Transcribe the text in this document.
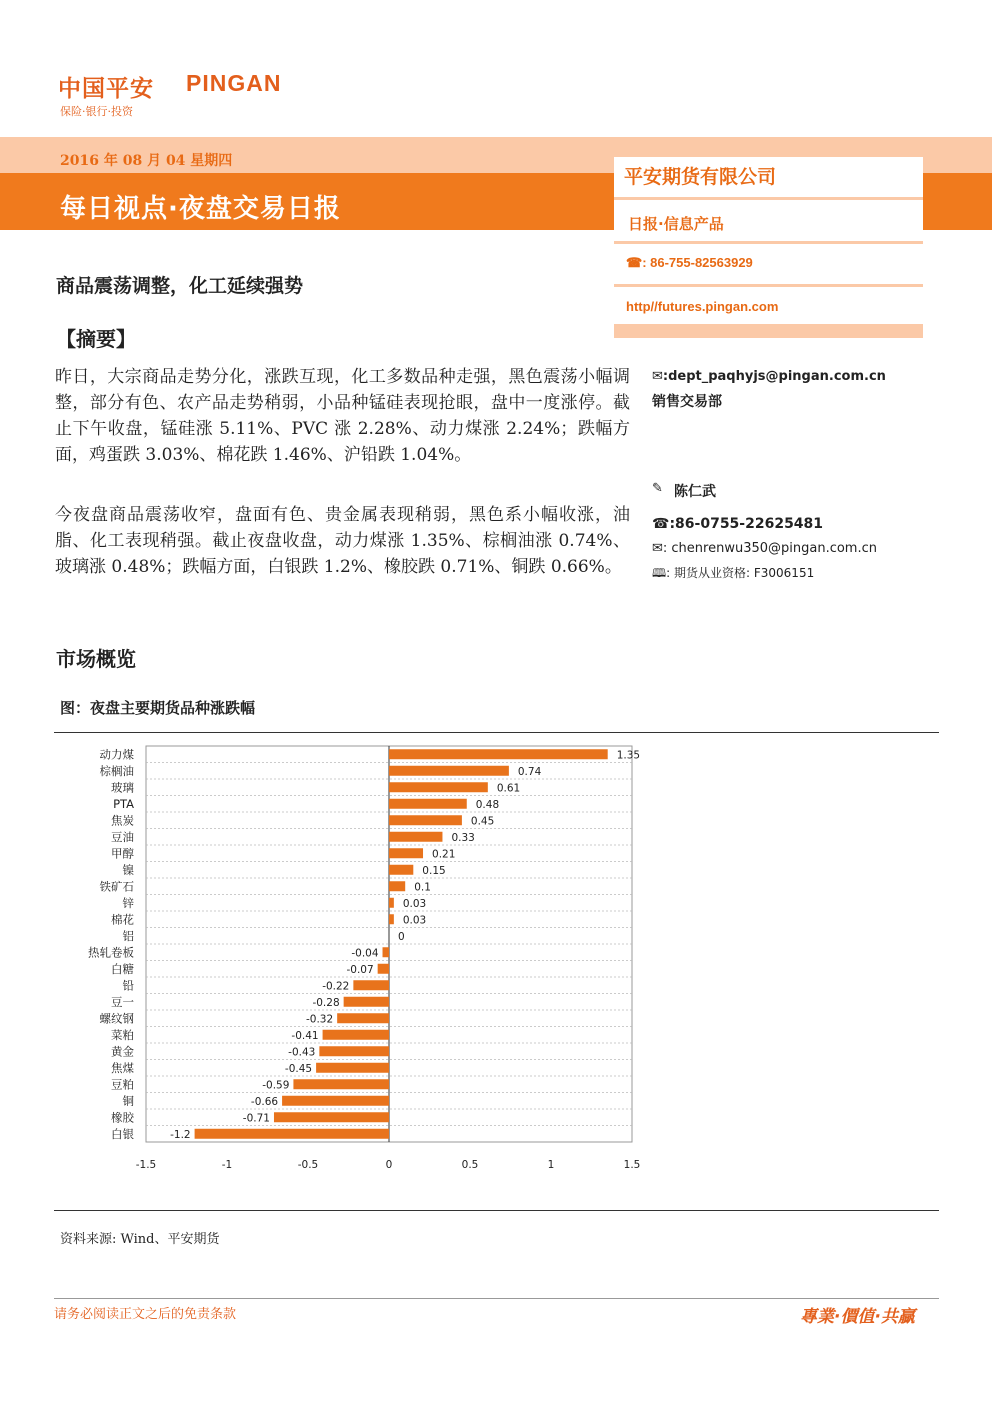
中国平安 PINGAN
保险·银行·投资
2016 年 08 月 04 星期四
每日视点·夜盘交易日报
平安期货有限公司
日报·信息产品
☎: 86-755-82563929
http//futures.pingan.com
商品震荡调整，化工延续强势
【摘要】
昨日，大宗商品走势分化，涨跌互现，化工多数品种走强，黑色震荡小幅调整，部分有色、农产品走势稍弱，小品种锰硅表现抢眼，盘中一度涨停。截止下午收盘，锰硅涨 5.11%、PVC 涨 2.28%、动力煤涨 2.24%；跌幅方面，鸡蛋跌 3.03%、棉花跌 1.46%、沪铅跌 1.04%。
今夜盘商品震荡收窄，盘面有色、贵金属表现稍弱，黑色系小幅收涨，油脂、化工表现稍强。截止夜盘收盘，动力煤涨 1.35%、棕榈油涨 0.74%、玻璃涨 0.48%；跌幅方面，白银跌 1.2%、橡胶跌 0.71%、铜跌 0.66%。
✉:dept_paqhyjs@pingan.com.cn
销售交易部
✎ 陈仁武
☎:86-0755-22625481
✉: chenrenwu350@pingan.com.cn
🕮: 期货从业资格: F3006151
市场概览
图：夜盘主要期货品种涨跌幅
动力煤	1.35
棕榈油	0.74
玻璃	0.61
PTA	0.48
焦炭	0.45
豆油	0.33
甲醇	0.21
镍	0.15
铁矿石	0.1
锌	0.03
棉花	0.03
铝	0
热轧卷板	-0.04
白糖	-0.07
铅	-0.22
豆一	-0.28
螺纹钢	-0.32
菜粕	-0.41
黄金	-0.43
焦煤	-0.45
豆粕	-0.59
铜	-0.66
橡胶	-0.71
白银	-1.2
-1.5	-1	-0.5	0	0.5	1	1.5
资料来源: Wind、平安期货
请务必阅读正文之后的免责条款	專業·價值·共贏
